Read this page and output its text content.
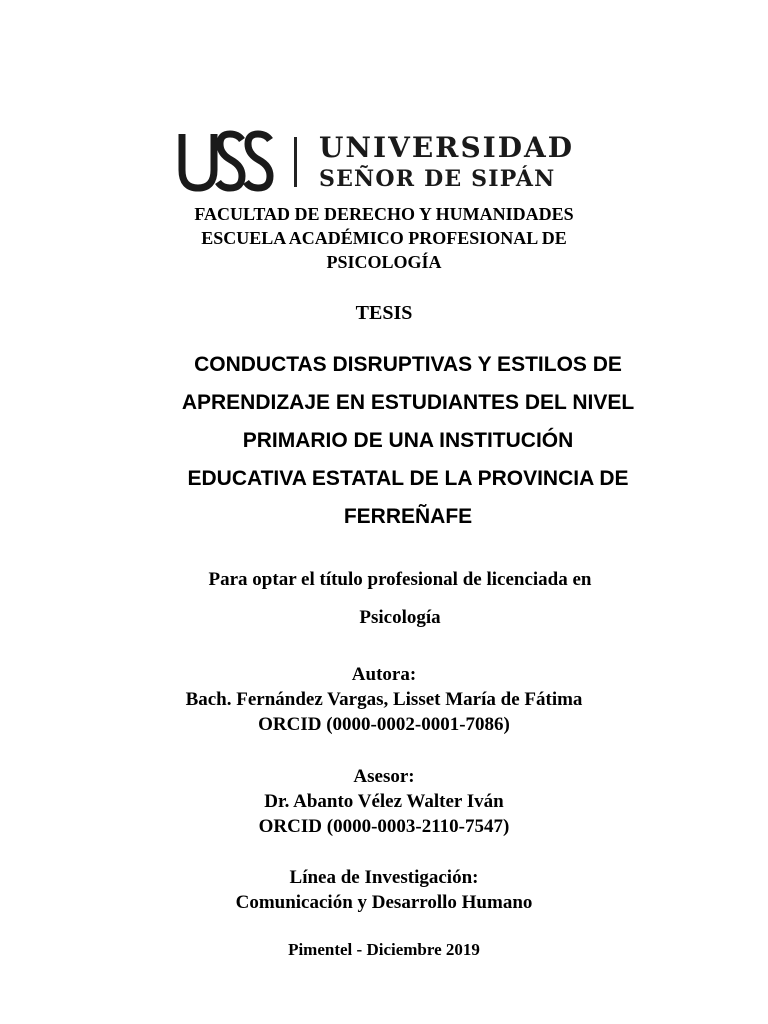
UNIVERSIDAD
SEÑOR DE SIPÁN
FACULTAD DE DERECHO Y HUMANIDADES
ESCUELA ACADÉMICO PROFESIONAL DE
PSICOLOGÍA
TESIS
CONDUCTAS DISRUPTIVAS Y ESTILOS DE
APRENDIZAJE EN ESTUDIANTES DEL NIVEL
PRIMARIO DE UNA INSTITUCIÓN
EDUCATIVA ESTATAL DE LA PROVINCIA DE
FERREÑAFE
Para optar el título profesional de licenciada en
Psicología
Autora:
Bach. Fernández Vargas, Lisset María de Fátima
ORCID (0000-0002-0001-7086)
Asesor:
Dr. Abanto Vélez Walter Iván
ORCID (0000-0003-2110-7547)
Línea de Investigación:
Comunicación y Desarrollo Humano
Pimentel - Diciembre 2019
